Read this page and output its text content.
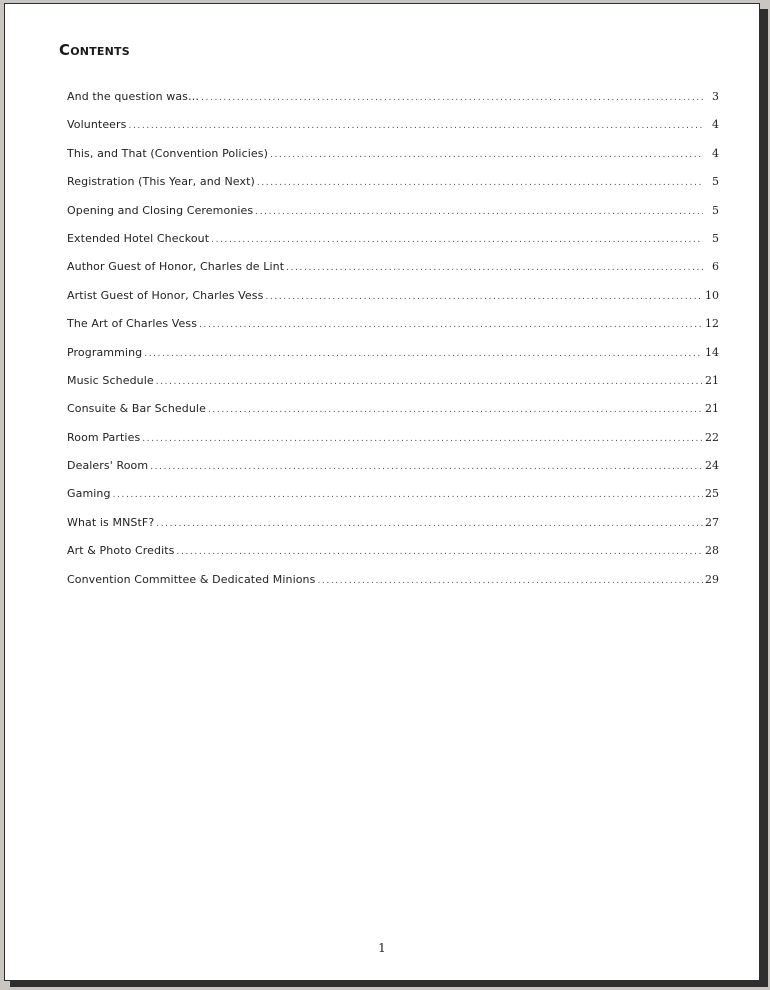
Contents
And the question was… .....	3
Volunteers .....	4
This, and That (Convention Policies) .....	4
Registration (This Year, and Next) .....	5
Opening and Closing Ceremonies .....	5
Extended Hotel Checkout .....	5
Author Guest of Honor, Charles de Lint .....	6
Artist Guest of Honor, Charles Vess .....	10
The Art of Charles Vess .....	12
Programming .....	14
Music Schedule .....	21
Consuite & Bar Schedule .....	21
Room Parties .....	22
Dealers' Room .....	24
Gaming .....	25
What is MNStF? .....	27
Art & Photo Credits .....	28
Convention Committee & Dedicated Minions .....	29
1
